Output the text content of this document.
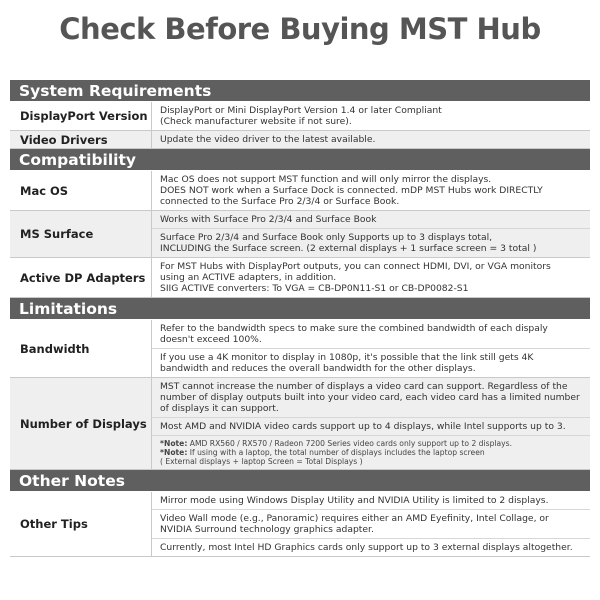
Check Before Buying MST Hub
System Requirements
DisplayPort Version	DisplayPort or Mini DisplayPort Version 1.4 or later Compliant
(Check manufacturer website if not sure).
Video Drivers	Update the video driver to the latest available.
Compatibility
Mac OS
Mac OS does not support MST function and will only mirror the displays.
DOES NOT work when a Surface Dock is connected. mDP MST Hubs work DIRECTLY
connected to the Surface Pro 2/3/4 or Surface Book.
MS Surface
Works with Surface Pro 2/3/4 and Surface Book
Surface Pro 2/3/4 and Surface Book only Supports up to 3 displays total,
INCLUDING the Surface screen. (2 external displays + 1 surface screen = 3 total )
Active DP Adapters
For MST Hubs with DisplayPort outputs, you can connect HDMI, DVI, or VGA monitors
using an ACTIVE adapters, in addition.
SIIG ACTIVE converters: To VGA = CB-DP0N11-S1 or CB-DP0082-S1
Limitations
Bandwidth
Refer to the bandwidth specs to make sure the combined bandwidth of each dispaly
doesn't exceed 100%.
If you use a 4K monitor to display in 1080p, it's possible that the link still gets 4K
bandwidth and reduces the overall bandwidth for the other displays.
Number of Displays
MST cannot increase the number of displays a video card can support. Regardless of the
number of display outputs built into your video card, each video card has a limited number
of displays it can support.
Most AMD and NVIDIA video cards support up to 4 displays, while Intel supports up to 3.
*Note: AMD RX560 / RX570 / Radeon 7200 Series video cards only support up to 2 displays.
*Note: If using with a laptop, the total number of displays includes the laptop screen
( External displays + laptop Screen = Total Displays )
Other Notes
Other Tips
Mirror mode using Windows Display Utility and NVIDIA Utility is limited to 2 displays.
Video Wall mode (e.g., Panoramic) requires either an AMD Eyefinity, Intel Collage, or
NVIDIA Surround technology graphics adapter.
Currently, most Intel HD Graphics cards only support up to 3 external displays altogether.
